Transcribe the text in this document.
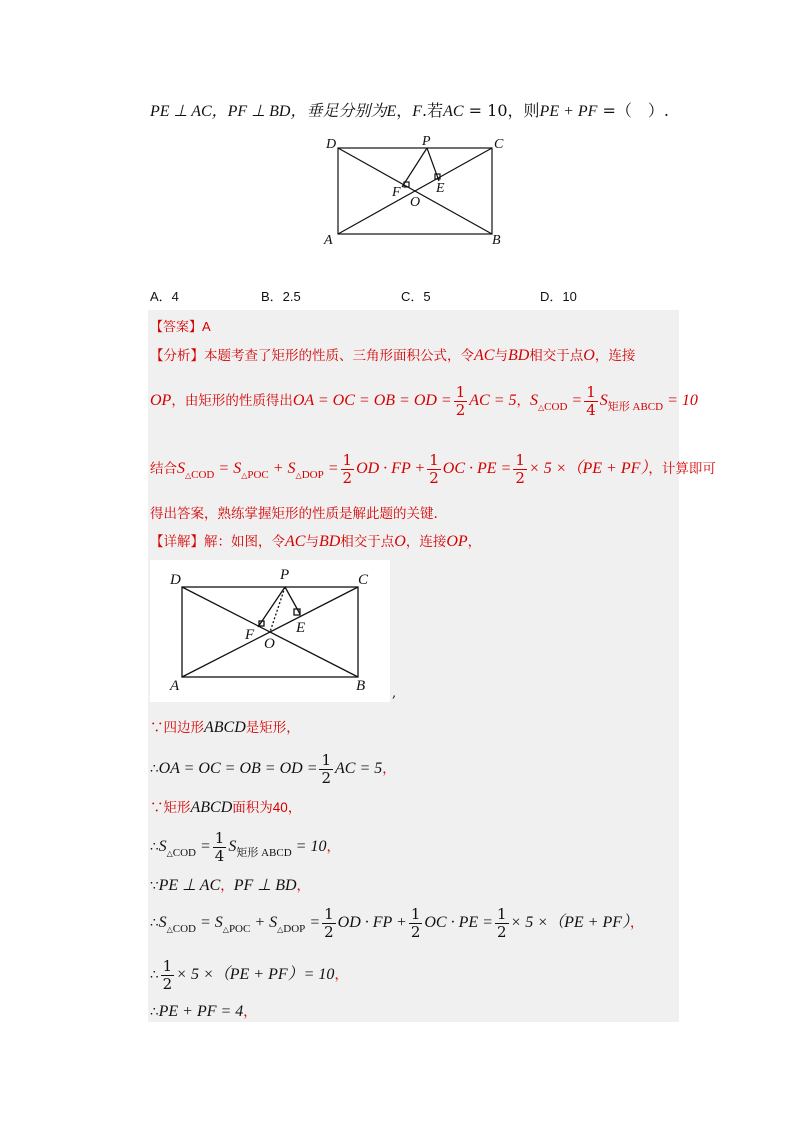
PE ⊥ AC，PF ⊥ BD，垂足分别为E，F.若AC = 10，则PE + PF =（　）.
D	P	C
F	E
O
A	B
A．4	B．2.5	C．5	D．10
【答案】A
【分析】本题考查了矩形的性质、三角形面积公式，令AC与BD相交于点O，连接
OP，由矩形的性质得出OA = OC = OB = OD = $\frac{1}{2}$ AC = 5，$S_{\triangle COD} = \frac{1}{4} S_{矩形 ABCD} = 10$
结合$S_{\triangle COD} = S_{\triangle POC} + S_{\triangle DOP} = \frac{1}{2}$ OD · FP + $\frac{1}{2}$ OC · PE = $\frac{1}{2} \times 5 \times(PE + PF)$，计算即可
得出答案，熟练掌握矩形的性质是解此题的关键.
【详解】解：如图，令AC与BD相交于点O，连接OP，
D	P	C
F	E
O
A	B ,
∵四边形ABCD是矩形，
∴OA = OC = OB = OD = $\frac{1}{2}$ AC = 5，
∵矩形ABCD面积为40，
$\therefore S_{\triangle COD} = \frac{1}{4} S_{矩形 ABCD} = 10$，
∵PE ⊥ AC，PF ⊥ BD，
$\therefore S_{\triangle COD} = S_{\triangle POC} + S_{\triangle DOP} = \frac{1}{2}$ OD · FP + $\frac{1}{2}$ OC · PE = $\frac{1}{2} \times 5 \times(PE + PF)$，
∴ $\frac{1}{2} \times 5 \times(PE + PF)= 10$，
∴PE + PF = 4，
